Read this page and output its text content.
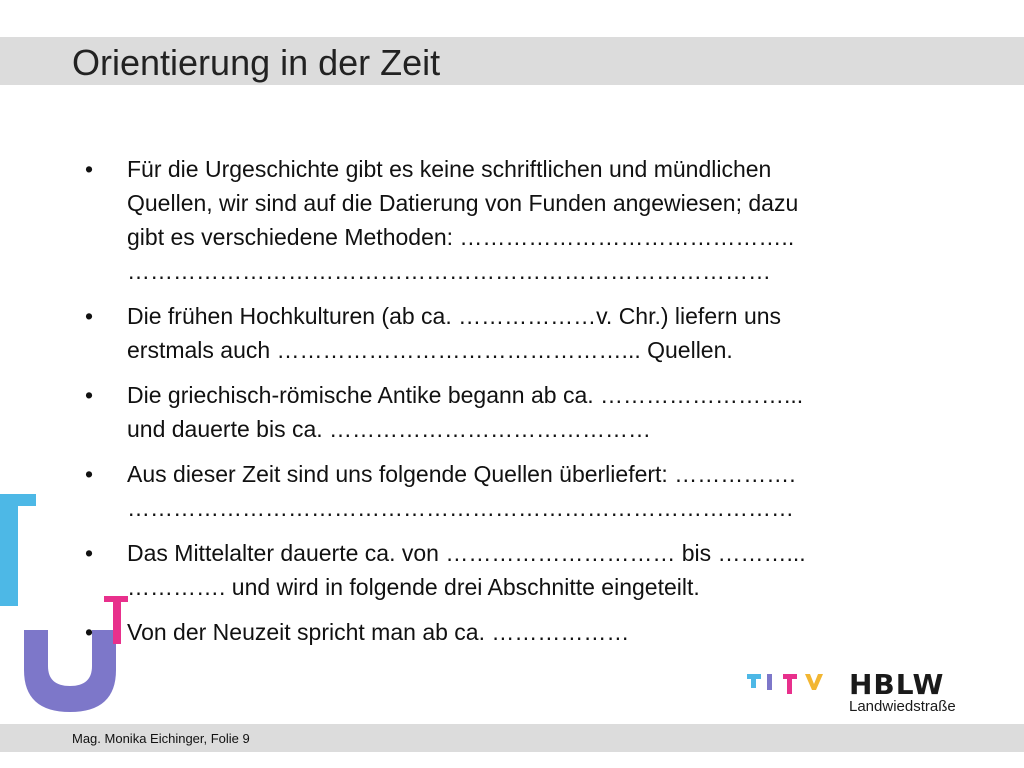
Orientierung in der Zeit
• Für die Urgeschichte gibt es keine schriftlichen und mündlichen
Quellen, wir sind auf die Datierung von Funden angewiesen; dazu
gibt es verschiedene Methoden: ……………………………………..
…………………………………………………………………………
• Die frühen Hochkulturen (ab ca. ………………v. Chr.) liefern uns
erstmals auch ………………………………………... Quellen.
• Die griechisch-römische Antike begann ab ca. ……………………...
und dauerte bis ca. ……………………………………
• Aus dieser Zeit sind uns folgende Quellen überliefert: …………….
……………………………………………………………………………
• Das Mittelalter dauerte ca. von ………………………… bis ………...
…………. und wird in folgende drei Abschnitte eingeteilt.
• Von der Neuzeit spricht man ab ca. ………………
HBLW
Landwiedstraße
Mag. Monika Eichinger, Folie 9
